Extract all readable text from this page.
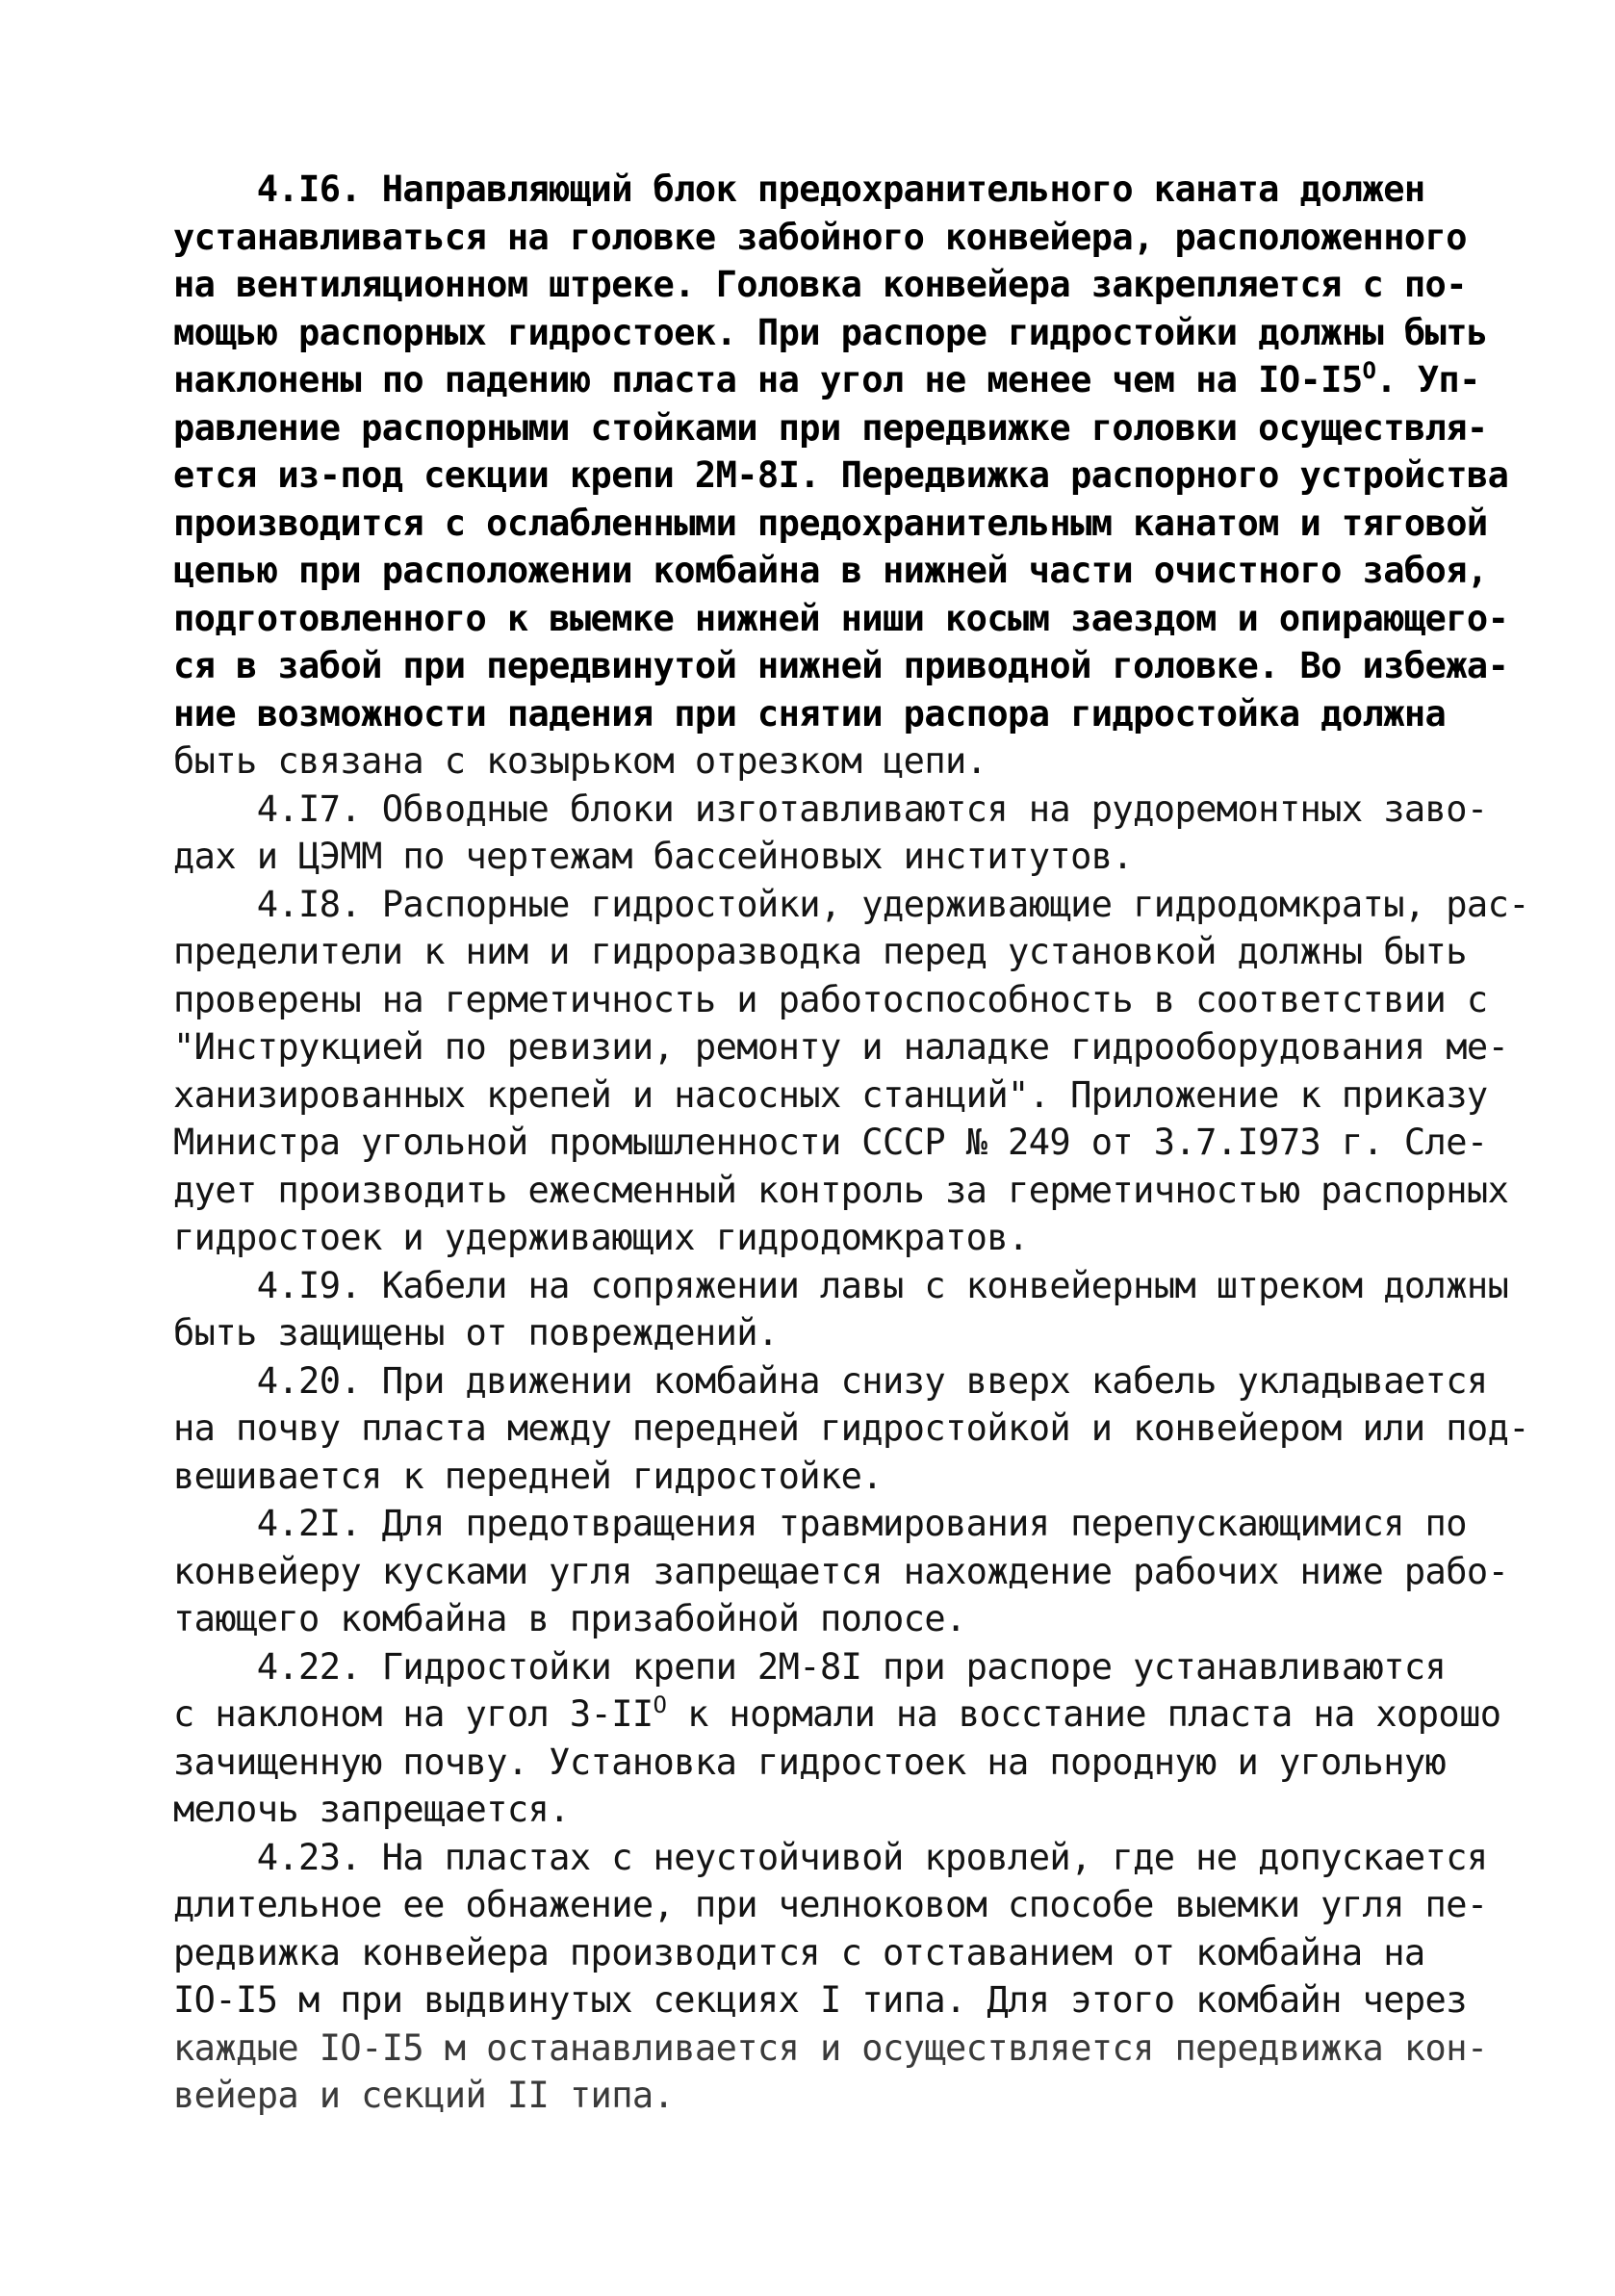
4.I6. Направляющий блок предохранительного каната должен
устанавливаться на головке забойного конвейера, расположенного
на вентиляционном штреке. Головка конвейера закрепляется с по-
мощью распорных гидростоек. При распоре гидростойки должны быть
наклонены по падению пласта на угол не менее чем на $IO-I5^О$. Уп-
равление распорными стойками при передвижке головки осуществля-
ется из-под секции крепи 2М-8I. Передвижка распорного устройства
производится с ослабленными предохранительным канатом и тяговой
цепью при расположении комбайна в нижней части очистного забоя,
подготовленного к выемке нижней ниши косым заездом и опирающего-
ся в забой при передвинутой нижней приводной головке. Во избежа-
ние возможности падения при снятии распора гидростойка должна
быть связана с козырьком отрезком цепи.
4.I7. Обводные блоки изготавливаются на рудоремонтных заво-
дах и ЦЭММ по чертежам бассейновых институтов.
4.I8. Распорные гидростойки, удерживающие гидродомкраты, рас-
пределители к ним и гидроразводка перед установкой должны быть
проверены на герметичность и работоспособность в соответствии с
"Инструкцией по ревизии, ремонту и наладке гидрооборудования ме-
ханизированных крепей и насосных станций". Приложение к приказу
Министра угольной промышленности СССР № 249 от 3.7.I973 г. Сле-
дует производить ежесменный контроль за герметичностью распорных
гидростоек и удерживающих гидродомкратов.
4.I9. Кабели на сопряжении лавы с конвейерным штреком должны
быть защищены от повреждений.
4.20. При движении комбайна снизу вверх кабель укладывается
на почву пласта между передней гидростойкой и конвейером или под-
вешивается к передней гидростойке.
4.2I. Для предотвращения травмирования перепускающимися по
конвейеру кусками угля запрещается нахождение рабочих ниже рабо-
тающего комбайна в призабойной полосе.
4.22. Гидростойки крепи 2М-8I при распоре устанавливаются
с наклоном на угол $3-II^О$ к нормали на восстание пласта на хорошо
зачищенную почву. Установка гидростоек на породную и угольную
мелочь запрещается.
4.23. На пластах с неустойчивой кровлей, где не допускается
длительное ее обнажение, при челноковом способе выемки угля пе-
редвижка конвейера производится с отставанием от комбайна на
IO-I5 м при выдвинутых секциях I типа. Для этого комбайн через
каждые IO-I5 м останавливается и осуществляется передвижка кон-
вейера и секций II типа.
